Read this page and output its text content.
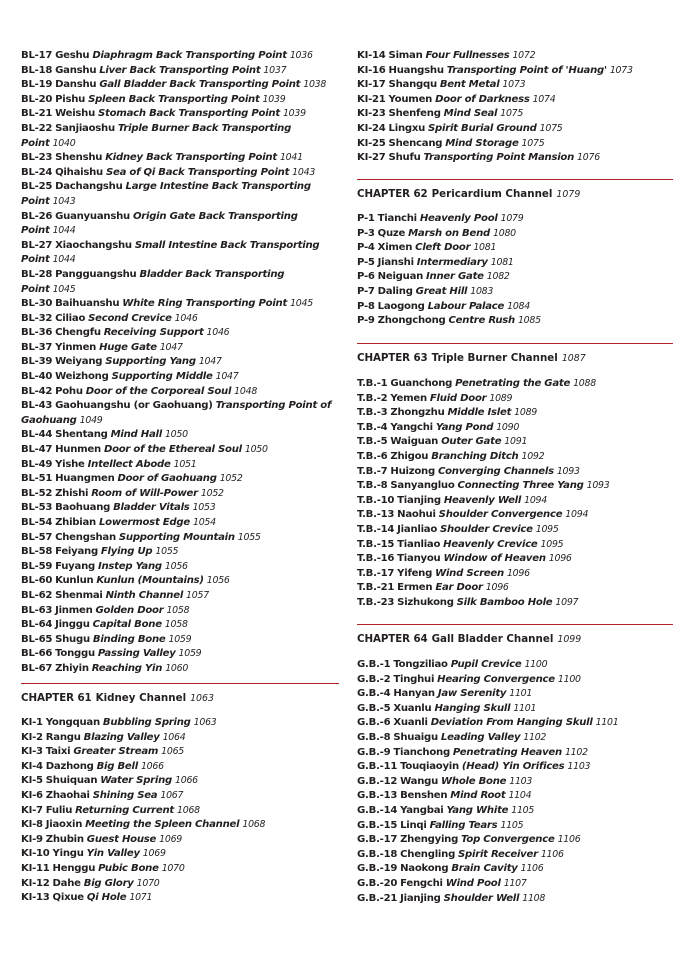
BL-17 Geshu Diaphragm Back Transporting Point 1036
BL-18 Ganshu Liver Back Transporting Point 1037
BL-19 Danshu Gall Bladder Back Transporting Point 1038
BL-20 Pishu Spleen Back Transporting Point 1039
BL-21 Weishu Stomach Back Transporting Point 1039
BL-22 Sanjiaoshu Triple Burner Back Transporting Point 1040
BL-23 Shenshu Kidney Back Transporting Point 1041
BL-24 Qihaishu Sea of Qi Back Transporting Point 1043
BL-25 Dachangshu Large Intestine Back Transporting
Point 1043
BL-26 Guanyuanshu Origin Gate Back Transporting
Point 1044
BL-27 Xiaochangshu Small Intestine Back Transporting
Point 1044
BL-28 Pangguangshu Bladder Back Transporting
Point 1045
BL-30 Baihuanshu White Ring Transporting Point 1045
BL-32 Ciliao Second Crevice 1046
BL-36 Chengfu Receiving Support 1046
BL-37 Yinmen Huge Gate 1047
BL-39 Weiyang Supporting Yang 1047
BL-40 Weizhong Supporting Middle 1047
BL-42 Pohu Door of the Corporeal Soul 1048
BL-43 Gaohuangshu (or Gaohuang) Transporting Point of
Gaohuang 1049
BL-44 Shentang Mind Hall 1050
BL-47 Hunmen Door of the Ethereal Soul 1050
BL-49 Yishe Intellect Abode 1051
BL-51 Huangmen Door of Gaohuang 1052
BL-52 Zhishi Room of Will-Power 1052
BL-53 Baohuang Bladder Vitals 1053
BL-54 Zhibian Lowermost Edge 1054
BL-57 Chengshan Supporting Mountain 1055
BL-58 Feiyang Flying Up 1055
BL-59 Fuyang Instep Yang 1056
BL-60 Kunlun Kunlun (Mountains) 1056
BL-62 Shenmai Ninth Channel 1057
BL-63 Jinmen Golden Door 1058
BL-64 Jinggu Capital Bone 1058
BL-65 Shugu Binding Bone 1059
BL-66 Tonggu Passing Valley 1059
BL-67 Zhiyin Reaching Yin 1060
CHAPTER 61 Kidney Channel 1063
KI-1 Yongquan Bubbling Spring 1063
KI-2 Rangu Blazing Valley 1064
KI-3 Taixi Greater Stream 1065
KI-4 Dazhong Big Bell 1066
KI-5 Shuiquan Water Spring 1066
KI-6 Zhaohai Shining Sea 1067
KI-7 Fuliu Returning Current 1068
KI-8 Jiaoxin Meeting the Spleen Channel 1068
KI-9 Zhubin Guest House 1069
KI-10 Yingu Yin Valley 1069
KI-11 Henggu Pubic Bone 1070
KI-12 Dahe Big Glory 1070
KI-13 Qixue Qi Hole 1071
KI-14 Siman Four Fullnesses 1072
KI-16 Huangshu Transporting Point of 'Huang' 1073
KI-17 Shangqu Bent Metal 1073
KI-21 Youmen Door of Darkness 1074
KI-23 Shenfeng Mind Seal 1075
KI-24 Lingxu Spirit Burial Ground 1075
KI-25 Shencang Mind Storage 1075
KI-27 Shufu Transporting Point Mansion 1076
CHAPTER 62 Pericardium Channel 1079
P-1 Tianchi Heavenly Pool 1079
P-3 Quze Marsh on Bend 1080
P-4 Ximen Cleft Door 1081
P-5 Jianshi Intermediary 1081
P-6 Neiguan Inner Gate 1082
P-7 Daling Great Hill 1083
P-8 Laogong Labour Palace 1084
P-9 Zhongchong Centre Rush 1085
CHAPTER 63 Triple Burner Channel 1087
T.B.-1 Guanchong Penetrating the Gate 1088
T.B.-2 Yemen Fluid Door 1089
T.B.-3 Zhongzhu Middle Islet 1089
T.B.-4 Yangchi Yang Pond 1090
T.B.-5 Waiguan Outer Gate 1091
T.B.-6 Zhigou Branching Ditch 1092
T.B.-7 Huizong Converging Channels 1093
T.B.-8 Sanyangluo Connecting Three Yang 1093
T.B.-10 Tianjing Heavenly Well 1094
T.B.-13 Naohui Shoulder Convergence 1094
T.B.-14 Jianliao Shoulder Crevice 1095
T.B.-15 Tianliao Heavenly Crevice 1095
T.B.-16 Tianyou Window of Heaven 1096
T.B.-17 Yifeng Wind Screen 1096
T.B.-21 Ermen Ear Door 1096
T.B.-23 Sizhukong Silk Bamboo Hole 1097
CHAPTER 64 Gall Bladder Channel 1099
G.B.-1 Tongziliao Pupil Crevice 1100
G.B.-2 Tinghui Hearing Convergence 1100
G.B.-4 Hanyan Jaw Serenity 1101
G.B.-5 Xuanlu Hanging Skull 1101
G.B.-6 Xuanli Deviation From Hanging Skull 1101
G.B.-8 Shuaigu Leading Valley 1102
G.B.-9 Tianchong Penetrating Heaven 1102
G.B.-11 Touqiaoyin (Head) Yin Orifices 1103
G.B.-12 Wangu Whole Bone 1103
G.B.-13 Benshen Mind Root 1104
G.B.-14 Yangbai Yang White 1105
G.B.-15 Linqi Falling Tears 1105
G.B.-17 Zhengying Top Convergence 1106
G.B.-18 Chengling Spirit Receiver 1106
G.B.-19 Naokong Brain Cavity 1106
G.B.-20 Fengchi Wind Pool 1107
G.B.-21 Jianjing Shoulder Well 1108
